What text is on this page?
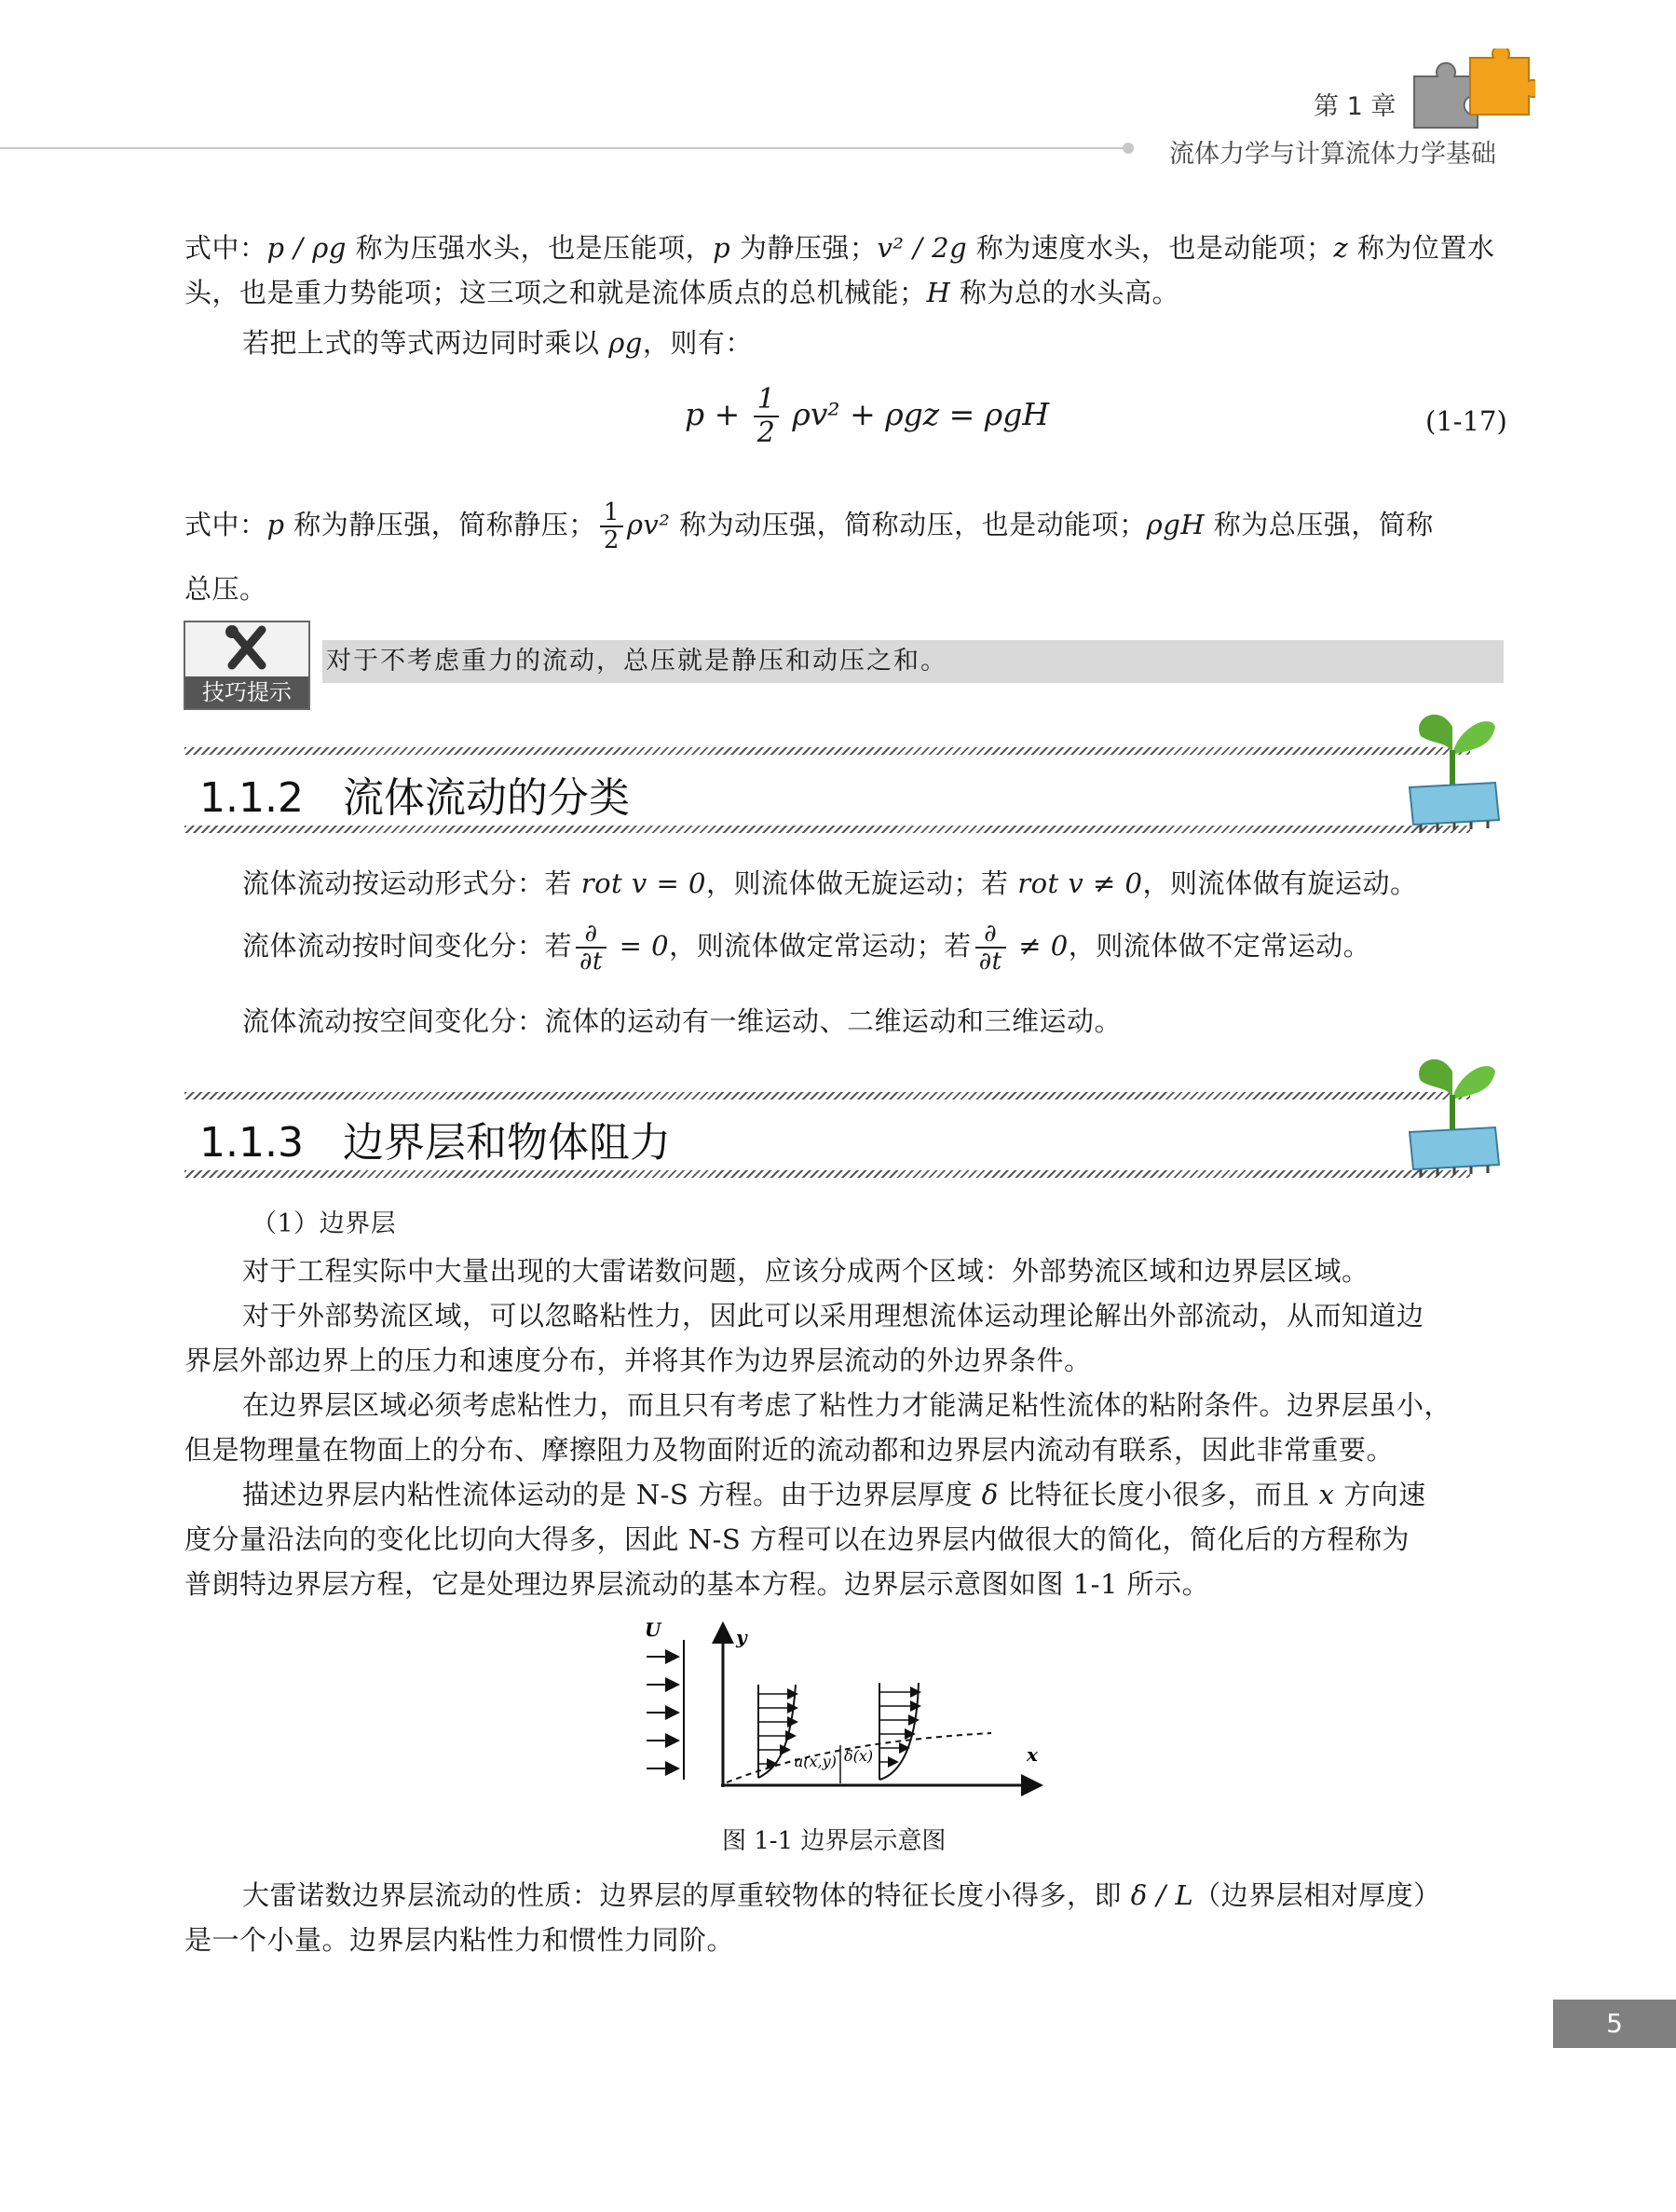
第 1 章
流体力学与计算流体力学基础
式中：p / ρg 称为压强水头，也是压能项，p 为静压强；v² / 2g 称为速度水头，也是动能项；z 称为位置水头，也是重力势能项；这三项之和就是流体质点的总机械能；H 称为总的水头高。
若把上式的等式两边同时乘以 ρg，则有：
$p + \frac{1}{2} \rho v^2 + \rho gz = \rho gH$	(1-17)
式中：p 称为静压强，简称静压； $\frac{1}{2} \rho v^2$ 称为动压强，简称动压，也是动能项；ρgH 称为总压强，简称
总压。
技巧提示
对于不考虑重力的流动，总压就是静压和动压之和。
1.1.2 流体流动的分类
流体流动按运动形式分：若 rot v = 0，则流体做无旋运动；若 rot v ≠ 0，则流体做有旋运动。
流体流动按时间变化分：若 $\frac{\partial}{\partial t} = 0$，则流体做定常运动；若 $\frac{\partial}{\partial t} \ne 0$，则流体做不定常运动。
流体流动按空间变化分：流体的运动有一维运动、二维运动和三维运动。
1.1.3 边界层和物体阻力
（1）边界层
对于工程实际中大量出现的大雷诺数问题，应该分成两个区域：外部势流区域和边界层区域。
对于外部势流区域，可以忽略粘性力，因此可以采用理想流体运动理论解出外部流动，从而知道边
界层外部边界上的压力和速度分布，并将其作为边界层流动的外边界条件。
在边界层区域必须考虑粘性力，而且只有考虑了粘性力才能满足粘性流体的粘附条件。边界层虽小，
但是物理量在物面上的分布、摩擦阻力及物面附近的流动都和边界层内流动有联系，因此非常重要。
描述边界层内粘性流体运动的是 N-S 方程。由于边界层厚度 δ 比特征长度小很多，而且 x 方向速
度分量沿法向的变化比切向大得多，因此 N-S 方程可以在边界层内做很大的简化，简化后的方程称为
普朗特边界层方程，它是处理边界层流动的基本方程。边界层示意图如图 1-1 所示。
U	y
x
u(x,y) δ(x)
图 1-1 边界层示意图
大雷诺数边界层流动的性质：边界层的厚重较物体的特征长度小得多，即 δ / L（边界层相对厚度）
是一个小量。边界层内粘性力和惯性力同阶。
5
